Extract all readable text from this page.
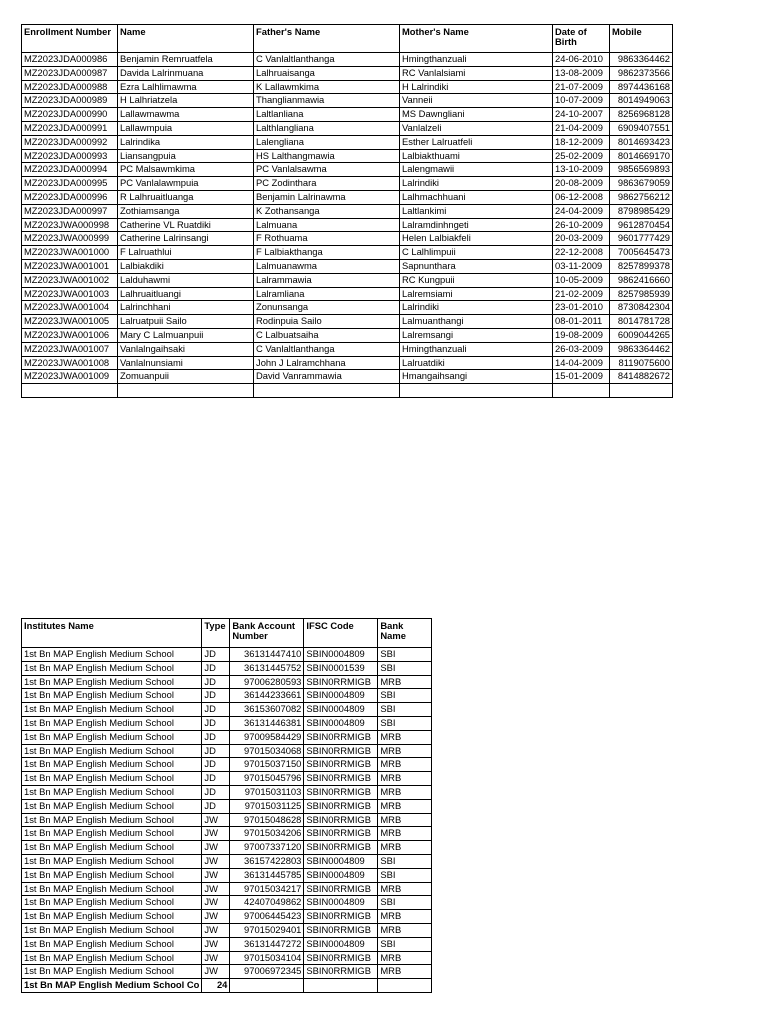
Enrollment Number	Name	Father's Name	Mother's Name	Date of Birth	Mobile
MZ2023JDA000986	Benjamin Remruatfela	C Vanlaltlanthanga	Hmingthanzuali	24-06-2010	9863364462
MZ2023JDA000987	Davida Lalrinmuana	Lalhruaisanga	RC Vanlalsiami	13-08-2009	9862373566
MZ2023JDA000988	Ezra Lalhlimawma	K Lallawmkima	H Lalrindiki	21-07-2009	8974436168
MZ2023JDA000989	H Lalhriatzela	Thanglianmawia	Vanneii	10-07-2009	8014949063
MZ2023JDA000990	Lallawmawma	Laltlanliana	MS Dawngliani	24-10-2007	8256968128
MZ2023JDA000991	Lallawmpuia	Lalthlangliana	Vanlalzeli	21-04-2009	6909407551
MZ2023JDA000992	Lalrindika	Lalengliana	Esther Lalruatfeli	18-12-2009	8014693423
MZ2023JDA000993	Liansangpuia	HS Lalthangmawia	Lalbiakthuami	25-02-2009	8014669170
MZ2023JDA000994	PC Malsawmkima	PC Vanlalsawma	Lalengmawii	13-10-2009	9856569893
MZ2023JDA000995	PC Vanlalawmpuia	PC Zodinthara	Lalrindiki	20-08-2009	9863679059
MZ2023JDA000996	R Lalhruaitluanga	Benjamin Lalrinawma	Lalhmachhuani	06-12-2008	9862756212
MZ2023JDA000997	Zothiamsanga	K Zothansanga	Laltlankimi	24-04-2009	8798985429
MZ2023JWA000998	Catherine VL Ruatdiki	Lalmuana	Lalramdinhngeti	26-10-2009	9612870454
MZ2023JWA000999	Catherine Lalrinsangi	F Rothuama	Helen Lalbiakfeli	20-03-2009	9601777429
MZ2023JWA001000	F Lalruathlui	F Lalbiakthanga	C Lalhlimpuii	22-12-2008	7005645473
MZ2023JWA001001	Lalbiakdiki	Lalmuanawma	Sapnunthara	03-11-2009	8257899378
MZ2023JWA001002	Lalduhawmi	Lalrammawia	RC Kungpuii	10-05-2009	9862416660
MZ2023JWA001003	Lalhruaitluangi	Lalramliana	Lalremsiami	21-02-2009	8257985939
MZ2023JWA001004	Lalrinchhani	Zonunsanga	Lalrindiki	23-01-2010	8730842304
MZ2023JWA001005	Lalruatpuii Sailo	Rodinpuia Sailo	Lalmuanthangi	08-01-2011	8014781728
MZ2023JWA001006	Mary C Lalmuanpuii	C Lalbuatsaiha	Lalremsangi	19-08-2009	6009044265
MZ2023JWA001007	Vanlalngaihsaki	C Vanlaltlanthanga	Hmingthanzuali	26-03-2009	9863364462
MZ2023JWA001008	Vanlalnunsiami	John J Lalramchhana	Lalruatdiki	14-04-2009	8119075600
MZ2023JWA001009	Zomuanpuii	David Vanrammawia	Hmangaihsangi	15-01-2009	8414882672

Institutes Name	Type	Bank Account Number	IFSC Code	Bank Name
1st Bn MAP English Medium School	JD	36131447410	SBIN0004809	SBI
1st Bn MAP English Medium School	JD	36131445752	SBIN0001539	SBI
1st Bn MAP English Medium School	JD	97006280593	SBIN0RRMIGB	MRB
1st Bn MAP English Medium School	JD	36144233661	SBIN0004809	SBI
1st Bn MAP English Medium School	JD	36153607082	SBIN0004809	SBI
1st Bn MAP English Medium School	JD	36131446381	SBIN0004809	SBI
1st Bn MAP English Medium School	JD	97009584429	SBIN0RRMIGB	MRB
1st Bn MAP English Medium School	JD	97015034068	SBIN0RRMIGB	MRB
1st Bn MAP English Medium School	JD	97015037150	SBIN0RRMIGB	MRB
1st Bn MAP English Medium School	JD	97015045796	SBIN0RRMIGB	MRB
1st Bn MAP English Medium School	JD	97015031103	SBIN0RRMIGB	MRB
1st Bn MAP English Medium School	JD	97015031125	SBIN0RRMIGB	MRB
1st Bn MAP English Medium School	JW	97015048628	SBIN0RRMIGB	MRB
1st Bn MAP English Medium School	JW	97015034206	SBIN0RRMIGB	MRB
1st Bn MAP English Medium School	JW	97007337120	SBIN0RRMIGB	MRB
1st Bn MAP English Medium School	JW	36157422803	SBIN0004809	SBI
1st Bn MAP English Medium School	JW	36131445785	SBIN0004809	SBI
1st Bn MAP English Medium School	JW	97015034217	SBIN0RRMIGB	MRB
1st Bn MAP English Medium School	JW	42407049862	SBIN0004809	SBI
1st Bn MAP English Medium School	JW	97006445423	SBIN0RRMIGB	MRB
1st Bn MAP English Medium School	JW	97015029401	SBIN0RRMIGB	MRB
1st Bn MAP English Medium School	JW	36131447272	SBIN0004809	SBI
1st Bn MAP English Medium School	JW	97015034104	SBIN0RRMIGB	MRB
1st Bn MAP English Medium School	JW	97006972345	SBIN0RRMIGB	MRB
1st Bn MAP English Medium School Co	24			
